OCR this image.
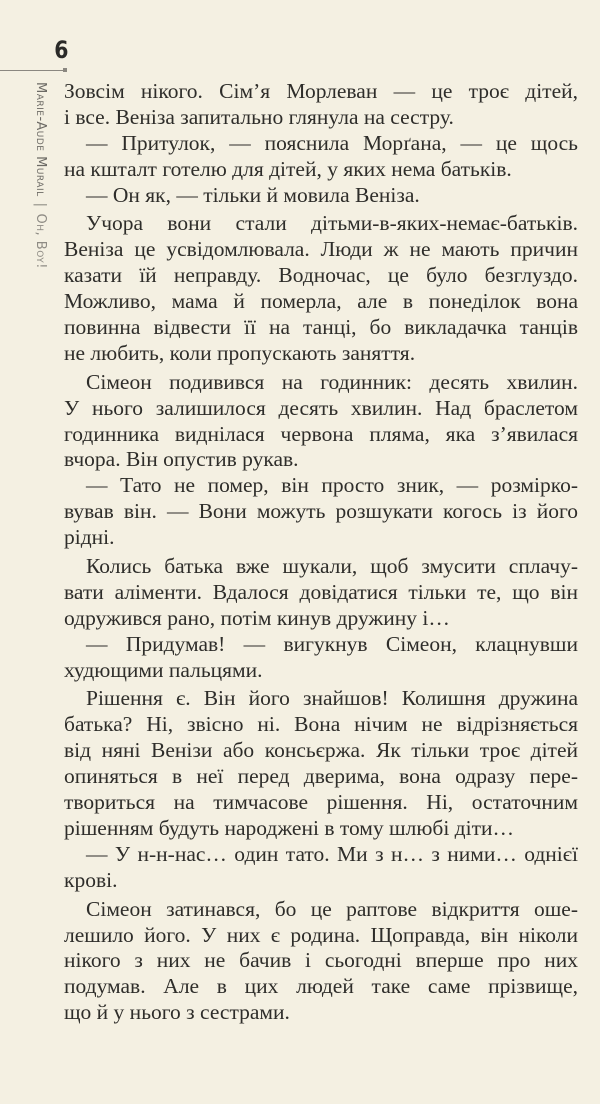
6
Marie-Aude Murail|Oh, Boy!
Зовсім нікого. Сім’я Морлеван — це троє дітей,
і все. Веніза запитально глянула на сестру.
— Притулок, — пояснила Морґана, — це щось
на кшталт готелю для дітей, у яких нема батьків.
— Он як, — тільки й мовила Веніза.
Учора вони стали дітьми-в-яких-немає-батьків.
Веніза це усвідомлювала. Люди ж не мають причин
казати їй неправду. Водночас, це було безглуздо.
Можливо, мама й померла, але в понеділок вона
повинна відвести її на танці, бо викладачка танців
не любить, коли пропускають заняття.
Сімеон подивився на годинник: десять хвилин.
У нього залишилося десять хвилин. Над браслетом
годинника виднілася червона пляма, яка з’явилася
вчора. Він опустив рукав.
— Тато не помер, він просто зник, — розмірко-
вував він. — Вони можуть розшукати когось із його
рідні.
Колись батька вже шукали, щоб змусити сплачу-
вати аліменти. Вдалося довідатися тільки те, що він
одружився рано, потім кинув дружину і…
— Придумав! — вигукнув Сімеон, клацнувши
худющими пальцями.
Рішення є. Він його знайшов! Колишня дружина
батька? Ні, звісно ні. Вона нічим не відрізняється
від няні Венізи або консьєржа. Як тільки троє дітей
опиняться в неї перед дверима, вона одразу пере-
твориться на тимчасове рішення. Ні, остаточним
рішенням будуть народжені в тому шлюбі діти…
— У н-н-нас… один тато. Ми з н… з ними… однієї
крові.
Сімеон затинався, бо це раптове відкриття оше-
лешило його. У них є родина. Щоправда, він ніколи
нікого з них не бачив і сьогодні вперше про них
подумав. Але в цих людей таке саме прізвище,
що й у нього з сестрами.
